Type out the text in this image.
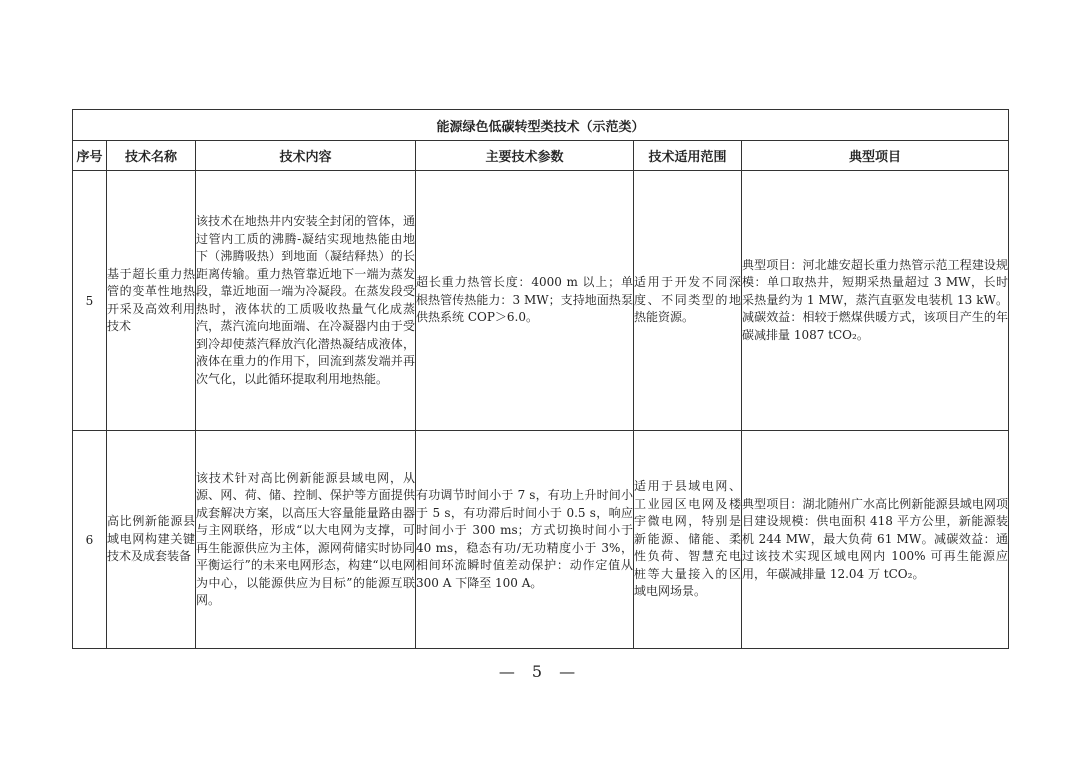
能源绿色低碳转型类技术（示范类）					
序号	技术名称	技术内容	主要技术参数	技术适用范围	典型项目
5	基于超长重力热管的变革性地热开采及高效利用技术	该技术在地热井内安装全封闭的管体，通过管内工质的沸腾-凝结实现地热能由地下（沸腾吸热）到地面（凝结释热）的长距离传输。重力热管靠近地下一端为蒸发段，靠近地面一端为冷凝段。在蒸发段受热时，液体状的工质吸收热量气化成蒸汽，蒸汽流向地面端、在冷凝器内由于受到冷却使蒸汽释放汽化潜热凝结成液体，液体在重力的作用下，回流到蒸发端并再次气化，以此循环提取利用地热能。	超长重力热管长度：4000 m 以上；单根热管传热能力：3 MW；支持地面热泵供热系统 COP＞6.0。	适用于开发不同深度、不同类型的地热能资源。	典型项目：河北雄安超长重力热管示范工程建设规模：单口取热井，短期采热量超过 3 MW，长时采热量约为 1 MW，蒸汽直驱发电装机 13 kW。减碳效益：相较于燃煤供暖方式，该项目产生的年碳减排量 1087 tCO₂。
6	高比例新能源县域电网构建关键技术及成套装备	该技术针对高比例新能源县域电网，从源、网、荷、储、控制、保护等方面提供成套解决方案，以高压大容量能量路由器与主网联络，形成“以大电网为支撑，可再生能源供应为主体，源网荷储实时协同平衡运行”的未来电网形态，构建“以电网为中心，以能源供应为目标”的能源互联网。	有功调节时间小于 7 s，有功上升时间小于 5 s，有功滞后时间小于 0.5 s，响应时间小于 300 ms；方式切换时间小于 40 ms，稳态有功/无功精度小于 3%，相间环流瞬时值差动保护：动作定值从 300 A 下降至 100 A。	适用于县域电网、工业园区电网及楼宇微电网，特别是新能源、储能、柔性负荷、智慧充电桩等大量接入的区域电网场景。	典型项目：湖北随州广水高比例新能源县域电网项目建设规模：供电面积 418 平方公里，新能源装机 244 MW，最大负荷 61 MW。减碳效益：通过该技术实现区域电网内 100% 可再生能源应用，年碳减排量 12.04 万 tCO₂。
— 5 —
